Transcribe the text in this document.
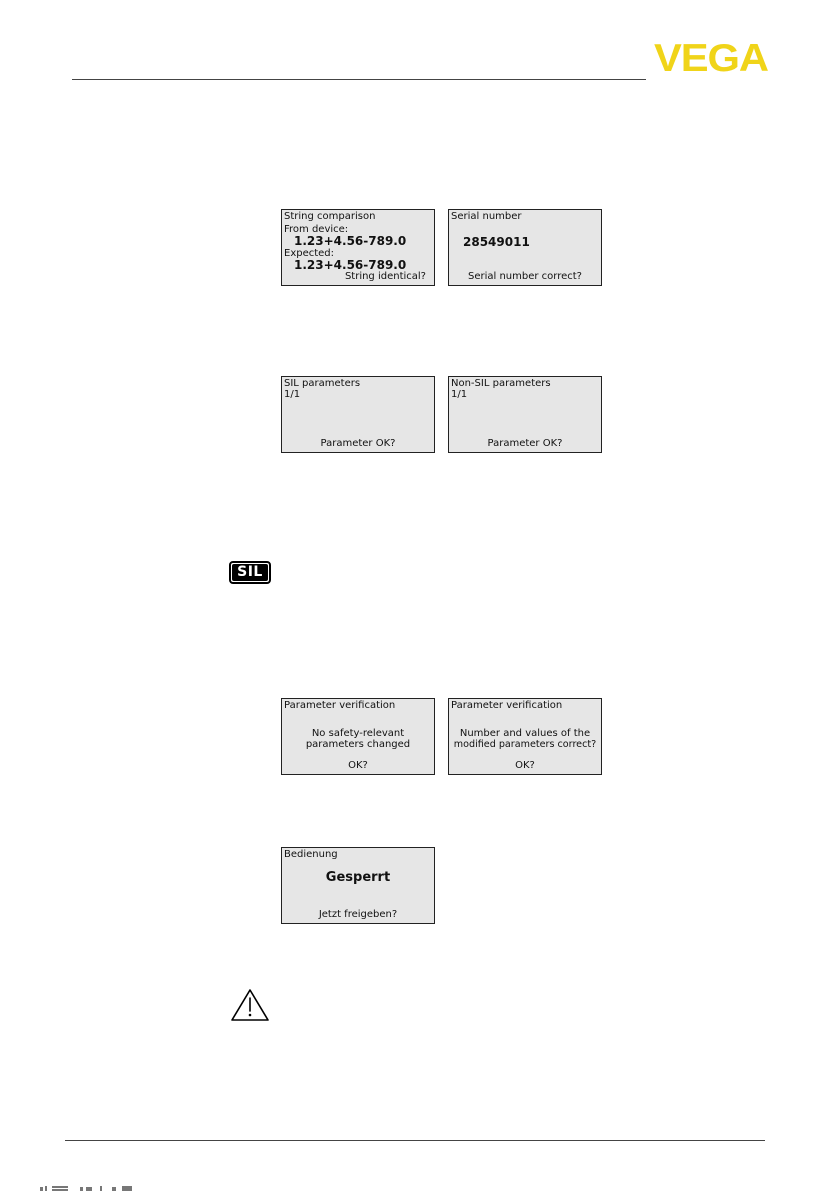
VEGA
String comparison
From device:
1.23+4.56-789.0
Expected:
1.23+4.56-789.0
String identical?
Serial number
28549011
Serial number correct?
SIL parameters
1/1
Parameter OK?
Non-SIL parameters
1/1
Parameter OK?
SIL
Parameter verification
No safety-relevant
parameters changed
OK?
Parameter verification
Number and values of the
modified parameters correct?
OK?
Bedienung
Gesperrt
Jetzt freigeben?
